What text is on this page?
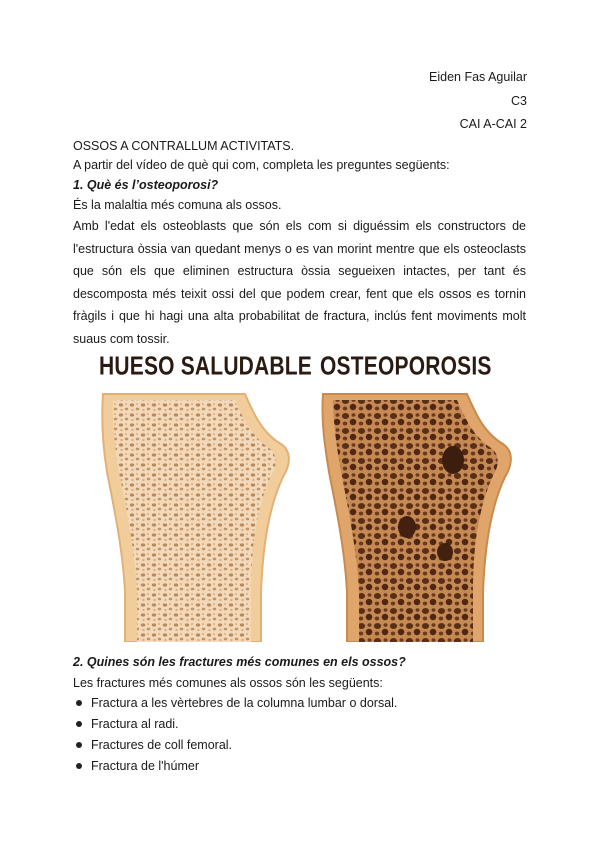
Eiden Fas Aguilar
C3
CAI A-CAI 2
OSSOS A CONTRALLUM ACTIVITATS.
A partir del vídeo de què qui com, completa les preguntes següents:
1. Què és l’osteoporosi?
És la malaltia més comuna als ossos.
Amb l'edat els osteoblasts que són els com si diguéssim els constructors de l'estructura òssia van quedant menys o es van morint mentre que els osteoclasts que són els que eliminen estructura òssia segueixen intactes, per tant és descomposta més teixit ossi del que podem crear, fent que els ossos es tornin fràgils i que hi hagi una alta probabilitat de fractura, inclús fent moviments molt suaus com tossir.
HUESO SALUDABLE OSTEOPOROSIS
2. Quines són les fractures més comunes en els ossos?
Les fractures més comunes als ossos són les següents:
Fractura a les vèrtebres de la columna lumbar o dorsal.
Fractura al radi.
Fractures de coll femoral.
Fractura de l'húmer
